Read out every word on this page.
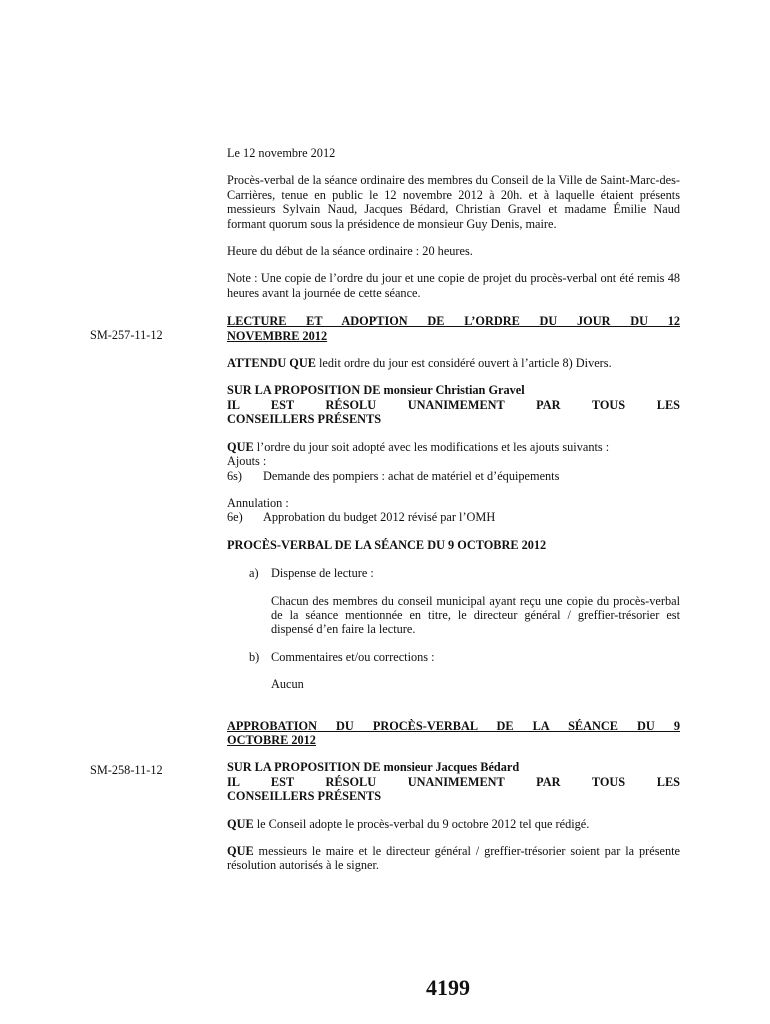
SM-257-11-12
SM-258-11-12

Le 12 novembre 2012

Procès-verbal de la séance ordinaire des membres du Conseil de la Ville de Saint-Marc-des-Carrières, tenue en public le 12 novembre 2012 à 20h. et à laquelle étaient présents messieurs Sylvain Naud, Jacques Bédard, Christian Gravel et madame Émilie Naud formant quorum sous la présidence de monsieur Guy Denis, maire.

Heure du début de la séance ordinaire : 20 heures.

Note : Une copie de l’ordre du jour et une copie de projet du procès-verbal ont été remis 48 heures avant la journée de cette séance.

LECTURE ET ADOPTION DE L’ORDRE DU JOUR DU 12
NOVEMBRE 2012

ATTENDU QUE ledit ordre du jour est considéré ouvert à l’article 8) Divers.

SUR LA PROPOSITION DE monsieur Christian Gravel
IL EST RÉSOLU UNANIMEMENT PAR TOUS LES
CONSEILLERS PRÉSENTS
QUE l’ordre du jour soit adopté avec les modifications et les ajouts suivants :
Ajouts :
6s)	Demande des pompiers : achat de matériel et d’équipements
Annulation :
6e)	Approbation du budget 2012 révisé par l’OMH

PROCÈS-VERBAL DE LA SÉANCE DU 9 OCTOBRE 2012

a)	Dispense de lecture :
Chacun des membres du conseil municipal ayant reçu une copie du procès-verbal de la séance mentionnée en titre, le directeur général / greffier-trésorier est dispensé d’en faire la lecture.
b) Commentaires et/ou corrections :
Aucun
APPROBATION DU PROCÈS-VERBAL DE LA SÉANCE DU 9
OCTOBRE 2012
SUR LA PROPOSITION DE monsieur Jacques Bédard
IL EST RÉSOLU UNANIMEMENT PAR TOUS LES
CONSEILLERS PRÉSENTS

QUE le Conseil adopte le procès-verbal du 9 octobre 2012 tel que rédigé.

QUE messieurs le maire et le directeur général / greffier-trésorier soient par la présente résolution autorisés à le signer.

4199
